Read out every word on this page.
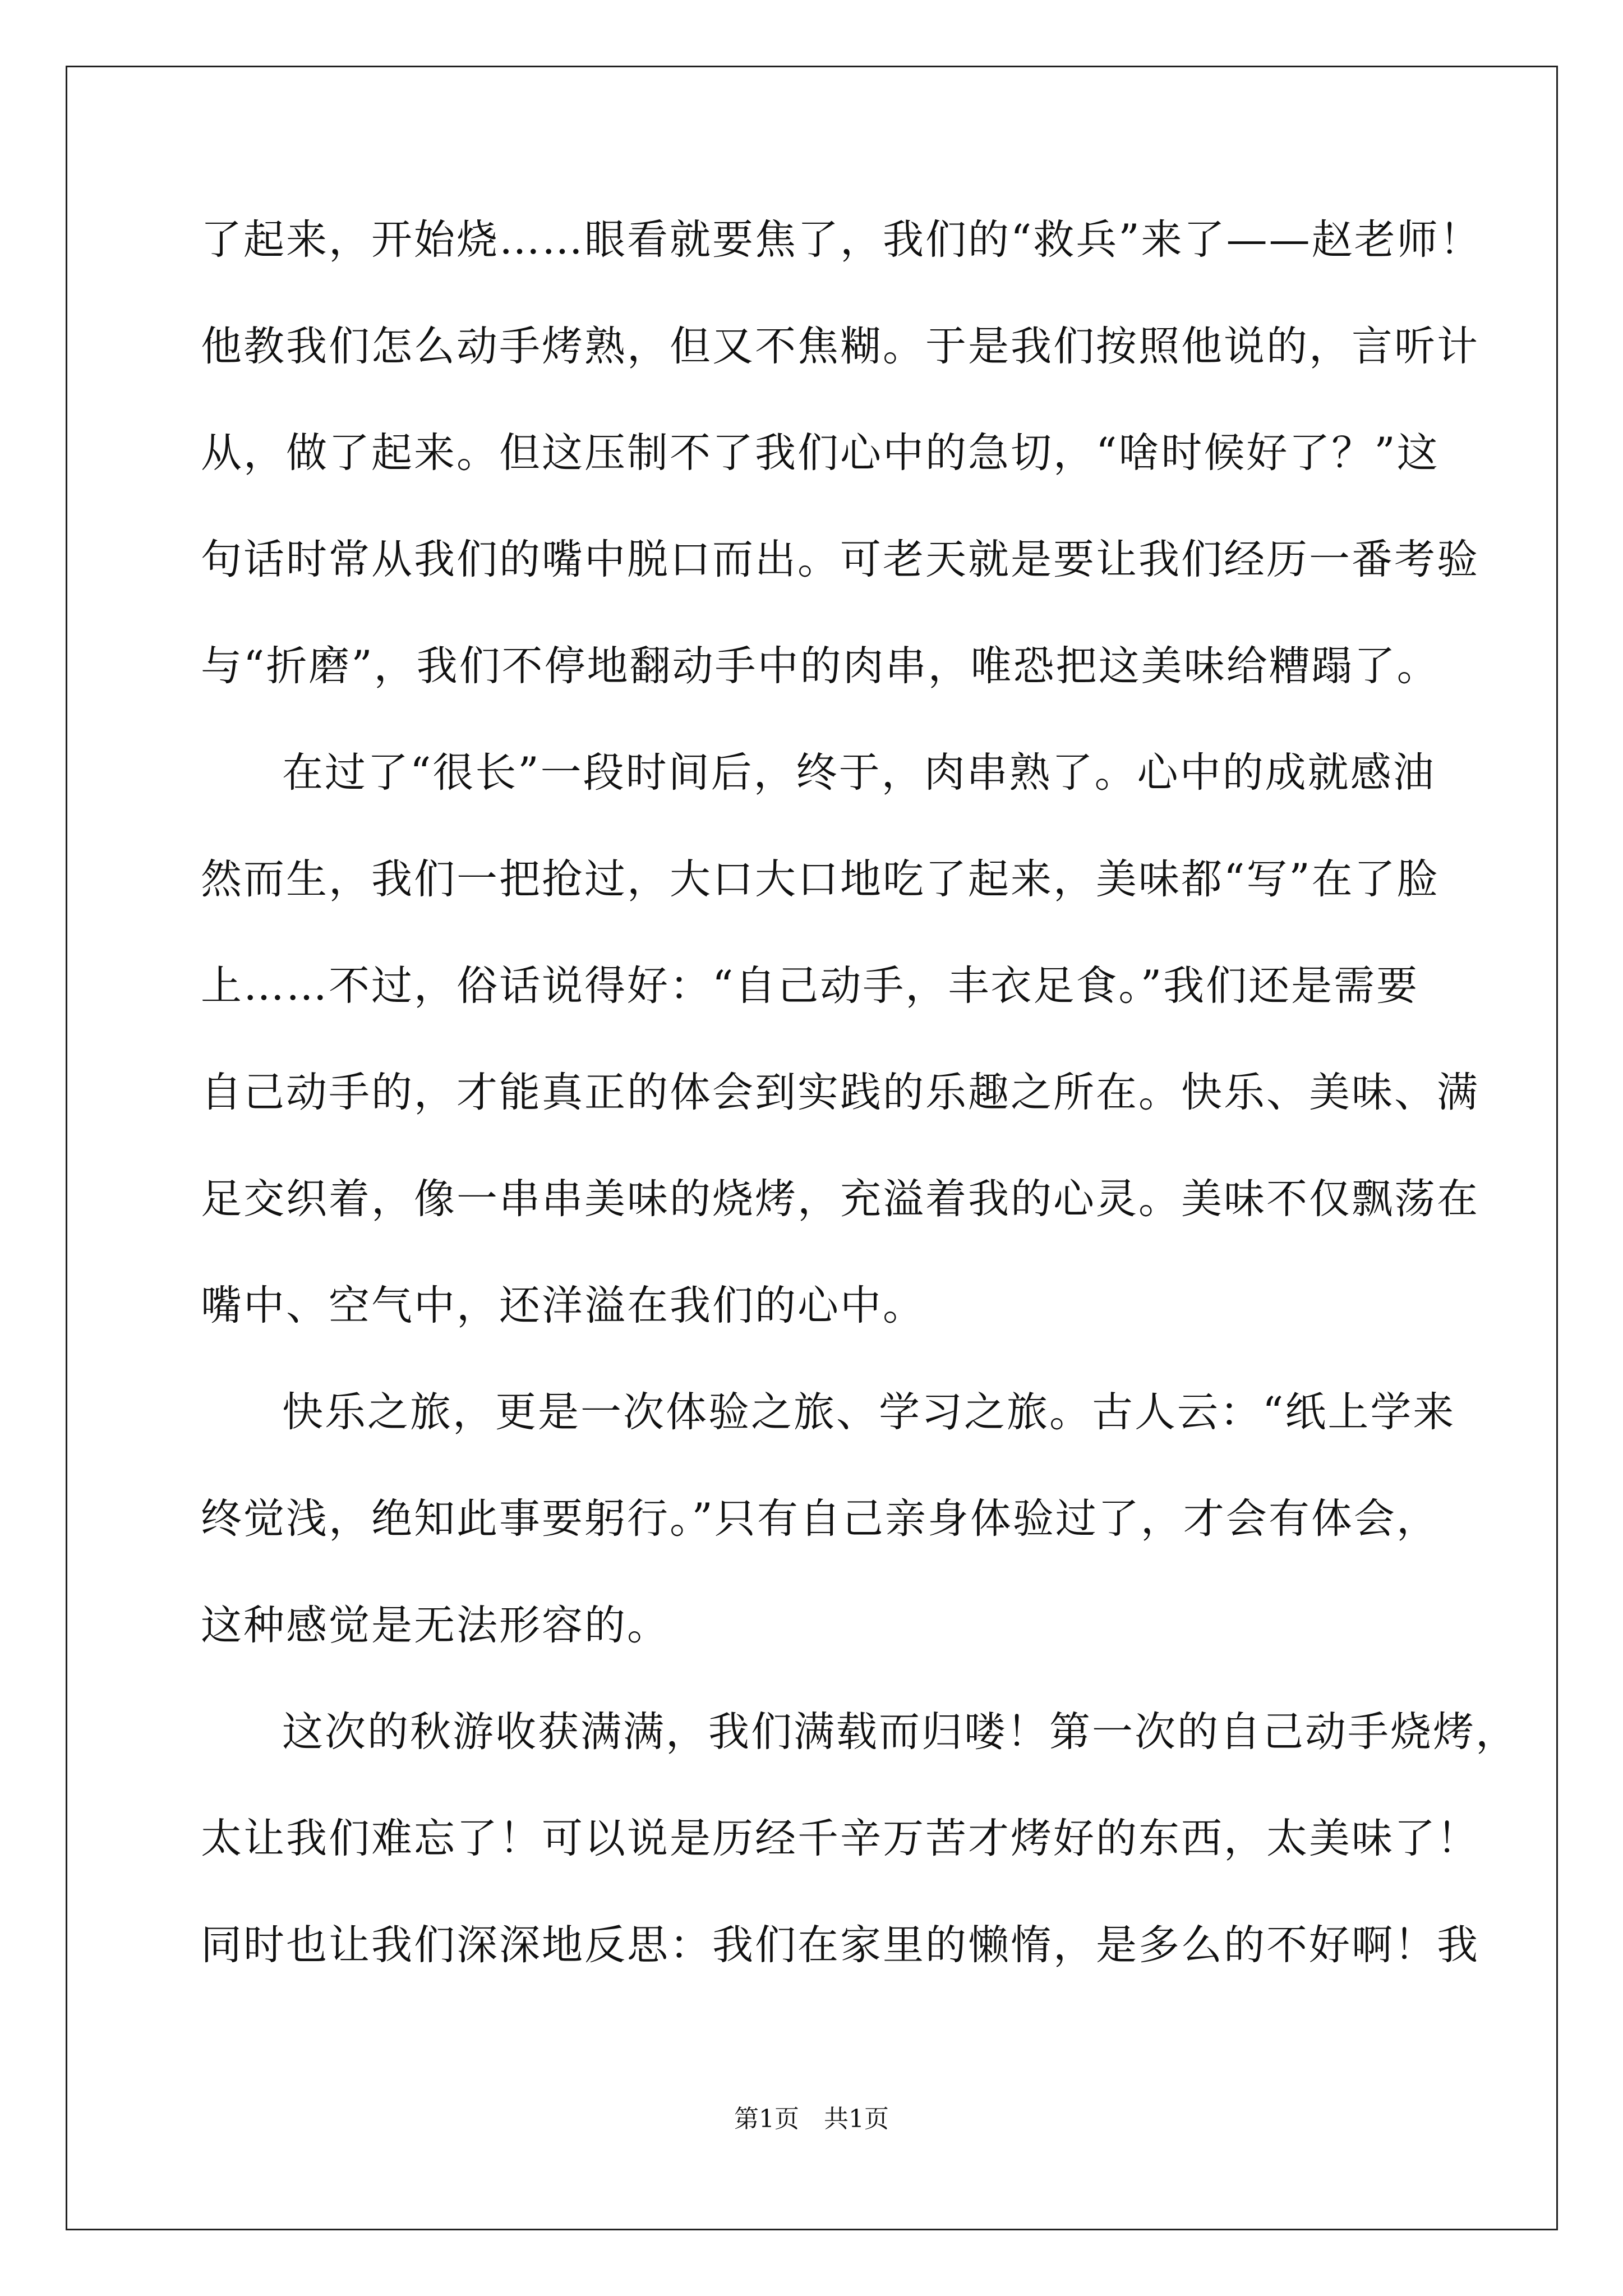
了起来，开始烧……眼看就要焦了，我们的“救兵”来了——赵老师！
他教我们怎么动手烤熟，但又不焦糊。于是我们按照他说的，言听计
从，做了起来。但这压制不了我们心中的急切，“啥时候好了？”这
句话时常从我们的嘴中脱口而出。可老天就是要让我们经历一番考验
与“折磨”，我们不停地翻动手中的肉串，唯恐把这美味给糟蹋了。
在过了“很长”一段时间后，终于，肉串熟了。心中的成就感油
然而生，我们一把抢过，大口大口地吃了起来，美味都“写”在了脸
上……不过，俗话说得好：“自己动手，丰衣足食。”我们还是需要
自己动手的，才能真正的体会到实践的乐趣之所在。快乐、美味、满
足交织着，像一串串美味的烧烤，充溢着我的心灵。美味不仅飘荡在
嘴中、空气中，还洋溢在我们的心中。
快乐之旅，更是一次体验之旅、学习之旅。古人云：“纸上学来
终觉浅，绝知此事要躬行。”只有自己亲身体验过了，才会有体会，
这种感觉是无法形容的。
这次的秋游收获满满，我们满载而归喽！第一次的自己动手烧烤，
太让我们难忘了！可以说是历经千辛万苦才烤好的东西，太美味了！
同时也让我们深深地反思：我们在家里的懒惰，是多么的不好啊！我
第1页　共1页
